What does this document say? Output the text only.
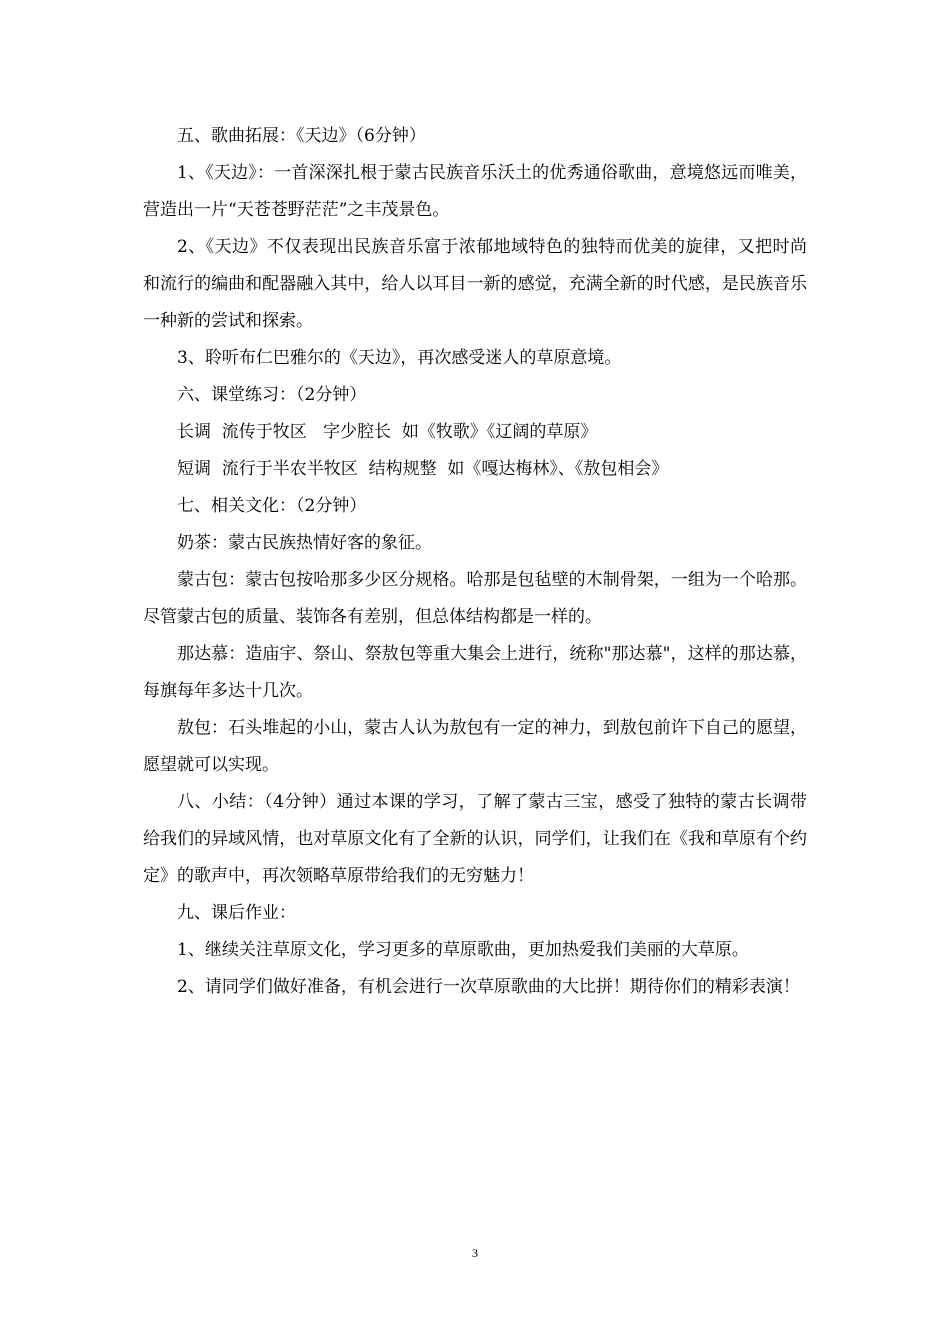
五、歌曲拓展：《天边》（6分钟）

1、《天边》：一首深深扎根于蒙古民族音乐沃土的优秀通俗歌曲，意境悠远而唯美，营造出一片“天苍苍野茫茫”之丰茂景色。

2、《天边》不仅表现出民族音乐富于浓郁地域特色的独特而优美的旋律，又把时尚和流行的编曲和配器融入其中，给人以耳目一新的感觉，充满全新的时代感，是民族音乐一种新的尝试和探索。

3、聆听布仁巴雅尔的《天边》，再次感受迷人的草原意境。

六、课堂练习：（2分钟）

长调  流传于牧区   字少腔长  如《牧歌》《辽阔的草原》

短调  流行于半农半牧区  结构规整  如《嘎达梅林》、《敖包相会》

七、相关文化：（2分钟）

奶茶：蒙古民族热情好客的象征。

蒙古包：蒙古包按哈那多少区分规格。哈那是包毡壁的木制骨架，一组为一个哈那。尽管蒙古包的质量、装饰各有差别，但总体结构都是一样的。

那达慕：造庙宇、祭山、祭敖包等重大集会上进行，统称"那达慕"，这样的那达慕，每旗每年多达十几次。

敖包：石头堆起的小山，蒙古人认为敖包有一定的神力，到敖包前许下自己的愿望，愿望就可以实现。

八、小结：（4分钟）通过本课的学习，了解了蒙古三宝，感受了独特的蒙古长调带给我们的异域风情，也对草原文化有了全新的认识，同学们，让我们在《我和草原有个约定》的歌声中，再次领略草原带给我们的无穷魅力！

九、课后作业：

1、继续关注草原文化，学习更多的草原歌曲，更加热爱我们美丽的大草原。

2、请同学们做好准备，有机会进行一次草原歌曲的大比拼！期待你们的精彩表演！

3
